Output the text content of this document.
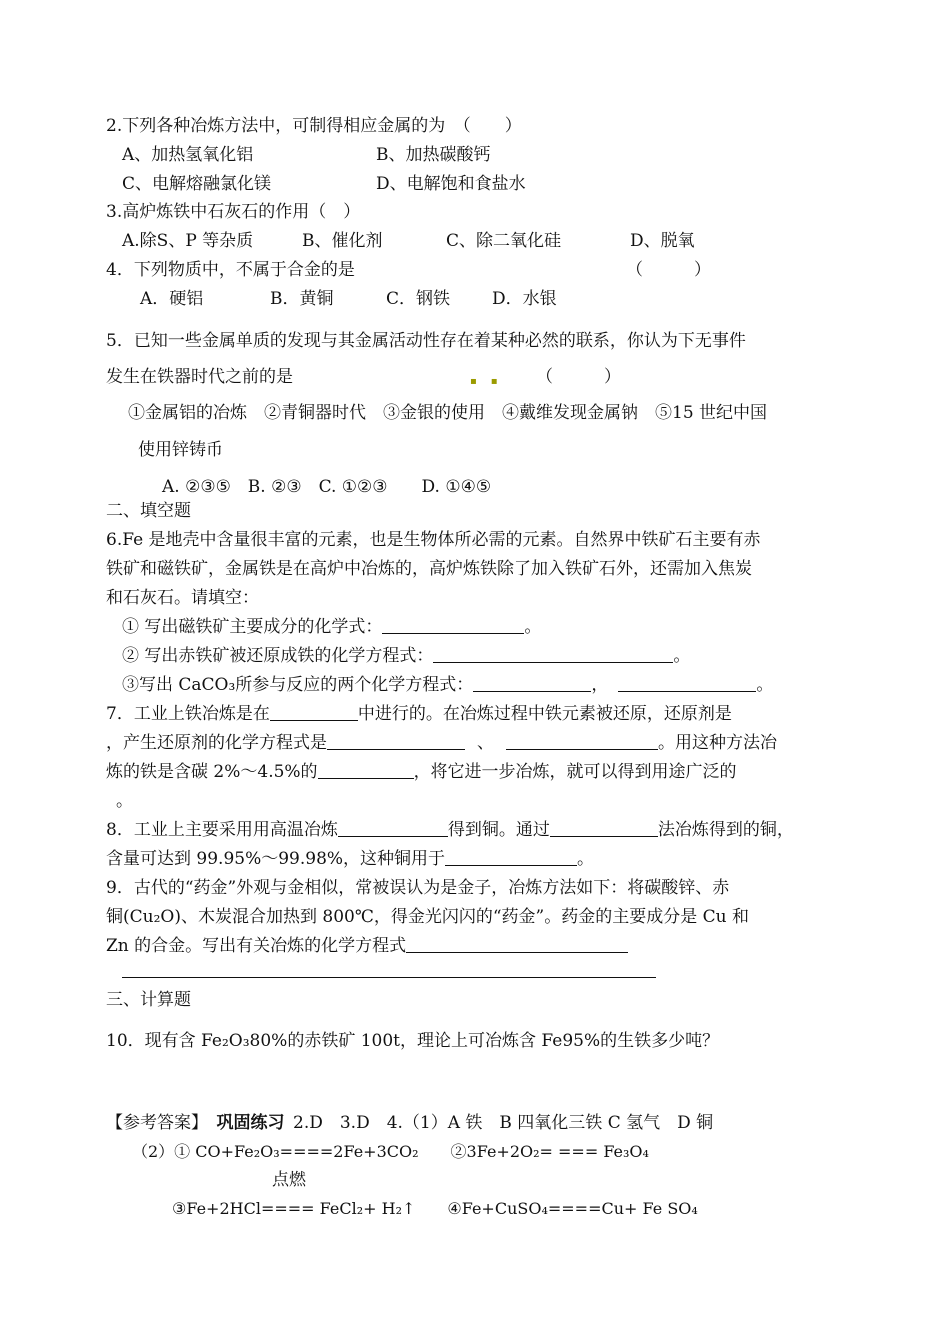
2.下列各种冶炼方法中，可制得相应金属的为　（　　）
A、加热氢氧化铝	B、加热碳酸钙
C、电解熔融氯化镁	D、电解饱和食盐水
3.高炉炼铁中石灰石的作用（　）
A.除S、P 等杂质	B、催化剂	C、除二氧化硅	D、脱氧
4．下列物质中，不属于合金的是	（　　　）
A．硬铝	B．黄铜	C．钢铁 D．水银
5．已知一些金属单质的发现与其金属活动性存在着某种必然的联系，你认为下无事件
发生在铁器时代之前的是	▪▪ （　　　）
①金属铝的冶炼　②青铜器时代　③金银的使用　④戴维发现金属钠　⑤15 世纪中国
使用锌铸币
A. ②③⑤　B. ②③　C. ①②③　　D. ①④⑤
二、填空题
6.Fe 是地壳中含量很丰富的元素，也是生物体所必需的元素。自然界中铁矿石主要有赤
铁矿和磁铁矿，金属铁是在高炉中冶炼的，高炉炼铁除了加入铁矿石外，还需加入焦炭
和石灰石。请填空：
① 写出磁铁矿主要成分的化学式：	。
② 写出赤铁矿被还原成铁的化学方程式：	。
③写出 CaCO₃所参与反应的两个化学方程式：	，	。
7．工业上铁冶炼是在	中进行的。在冶炼过程中铁元素被还原，还原剂是
，产生还原剂的化学方程式是	、	。用这种方法冶
炼的铁是含碳 2%～4.5%的	，将它进一步冶炼，就可以得到用途广泛的
。
8．工业上主要采用用高温冶炼	得到铜。通过	法冶炼得到的铜，
含量可达到 99.95%～99.98%，这种铜用于	。
9．古代的“药金”外观与金相似，常被误认为是金子，冶炼方法如下：将碳酸锌、赤
铜(Cu₂O)、木炭混合加热到 800℃，得金光闪闪的“药金”。药金的主要成分是 Cu 和
Zn 的合金。写出有关冶炼的化学方程式
三、计算题
10．现有含 Fe₂O₃80%的赤铁矿 100t，理论上可冶炼含 Fe95%的生铁多少吨？
【参考答案】  巩固练习  2.D　3.D　4.（1）A 铁　B 四氧化三铁 C 氢气　D 铜
（2）① CO+Fe₂O₃====2Fe+3CO₂　　②3Fe+2O₂= === Fe₃O₄
点燃
③Fe+2HCl==== FeCl₂+ H₂↑　　④Fe+CuSO₄====Cu+ Fe SO₄
